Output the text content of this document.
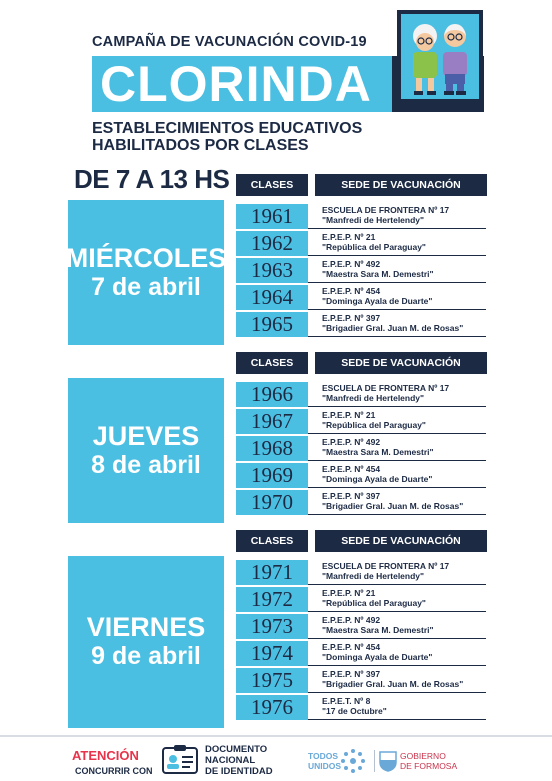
CAMPAÑA DE VACUNACIÓN COVID-19
CLORINDA
ESTABLECIMIENTOS EDUCATIVOS
HABILITADOS POR CLASES
DE 7 A 13 HS	CLASES	SEDE DE VACUNACIÓN
MIÉRCOLES
7 de abril
1961	ESCUELA DE FRONTERA Nº 17
"Manfredi de Hertelendy"
1962	E.P.E.P. Nº 21
"República del Paraguay"
1963	E.P.E.P. Nº 492
"Maestra Sara M. Demestri"
1964	E.P.E.P. Nº 454
"Dominga Ayala de Duarte"
1965	E.P.E.P. Nº 397
"Brigadier Gral. Juan M. de Rosas"
CLASES	SEDE DE VACUNACIÓN
JUEVES
8 de abril
1966	ESCUELA DE FRONTERA Nº 17
"Manfredi de Hertelendy"
1967	E.P.E.P. Nº 21
"República del Paraguay"
1968	E.P.E.P. Nº 492
"Maestra Sara M. Demestri"
1969	E.P.E.P. Nº 454
"Dominga Ayala de Duarte"
1970	E.P.E.P. Nº 397
"Brigadier Gral. Juan M. de Rosas"
CLASES	SEDE DE VACUNACIÓN
VIERNES
9 de abril
1971	ESCUELA DE FRONTERA Nº 17
"Manfredi de Hertelendy"
1972	E.P.E.P. Nº 21
"República del Paraguay"
1973	E.P.E.P. Nº 492
"Maestra Sara M. Demestri"
1974	E.P.E.P. Nº 454
"Dominga Ayala de Duarte"
1975	E.P.E.P. Nº 397
"Brigadier Gral. Juan M. de Rosas"
1976	E.P.E.T. Nº 8
"17 de Octubre"
ATENCIÓN
CONCURRIR CON
DOCUMENTO
NACIONAL
DE IDENTIDAD
TODOS
UNIDOS
GOBIERNO
DE FORMOSA
